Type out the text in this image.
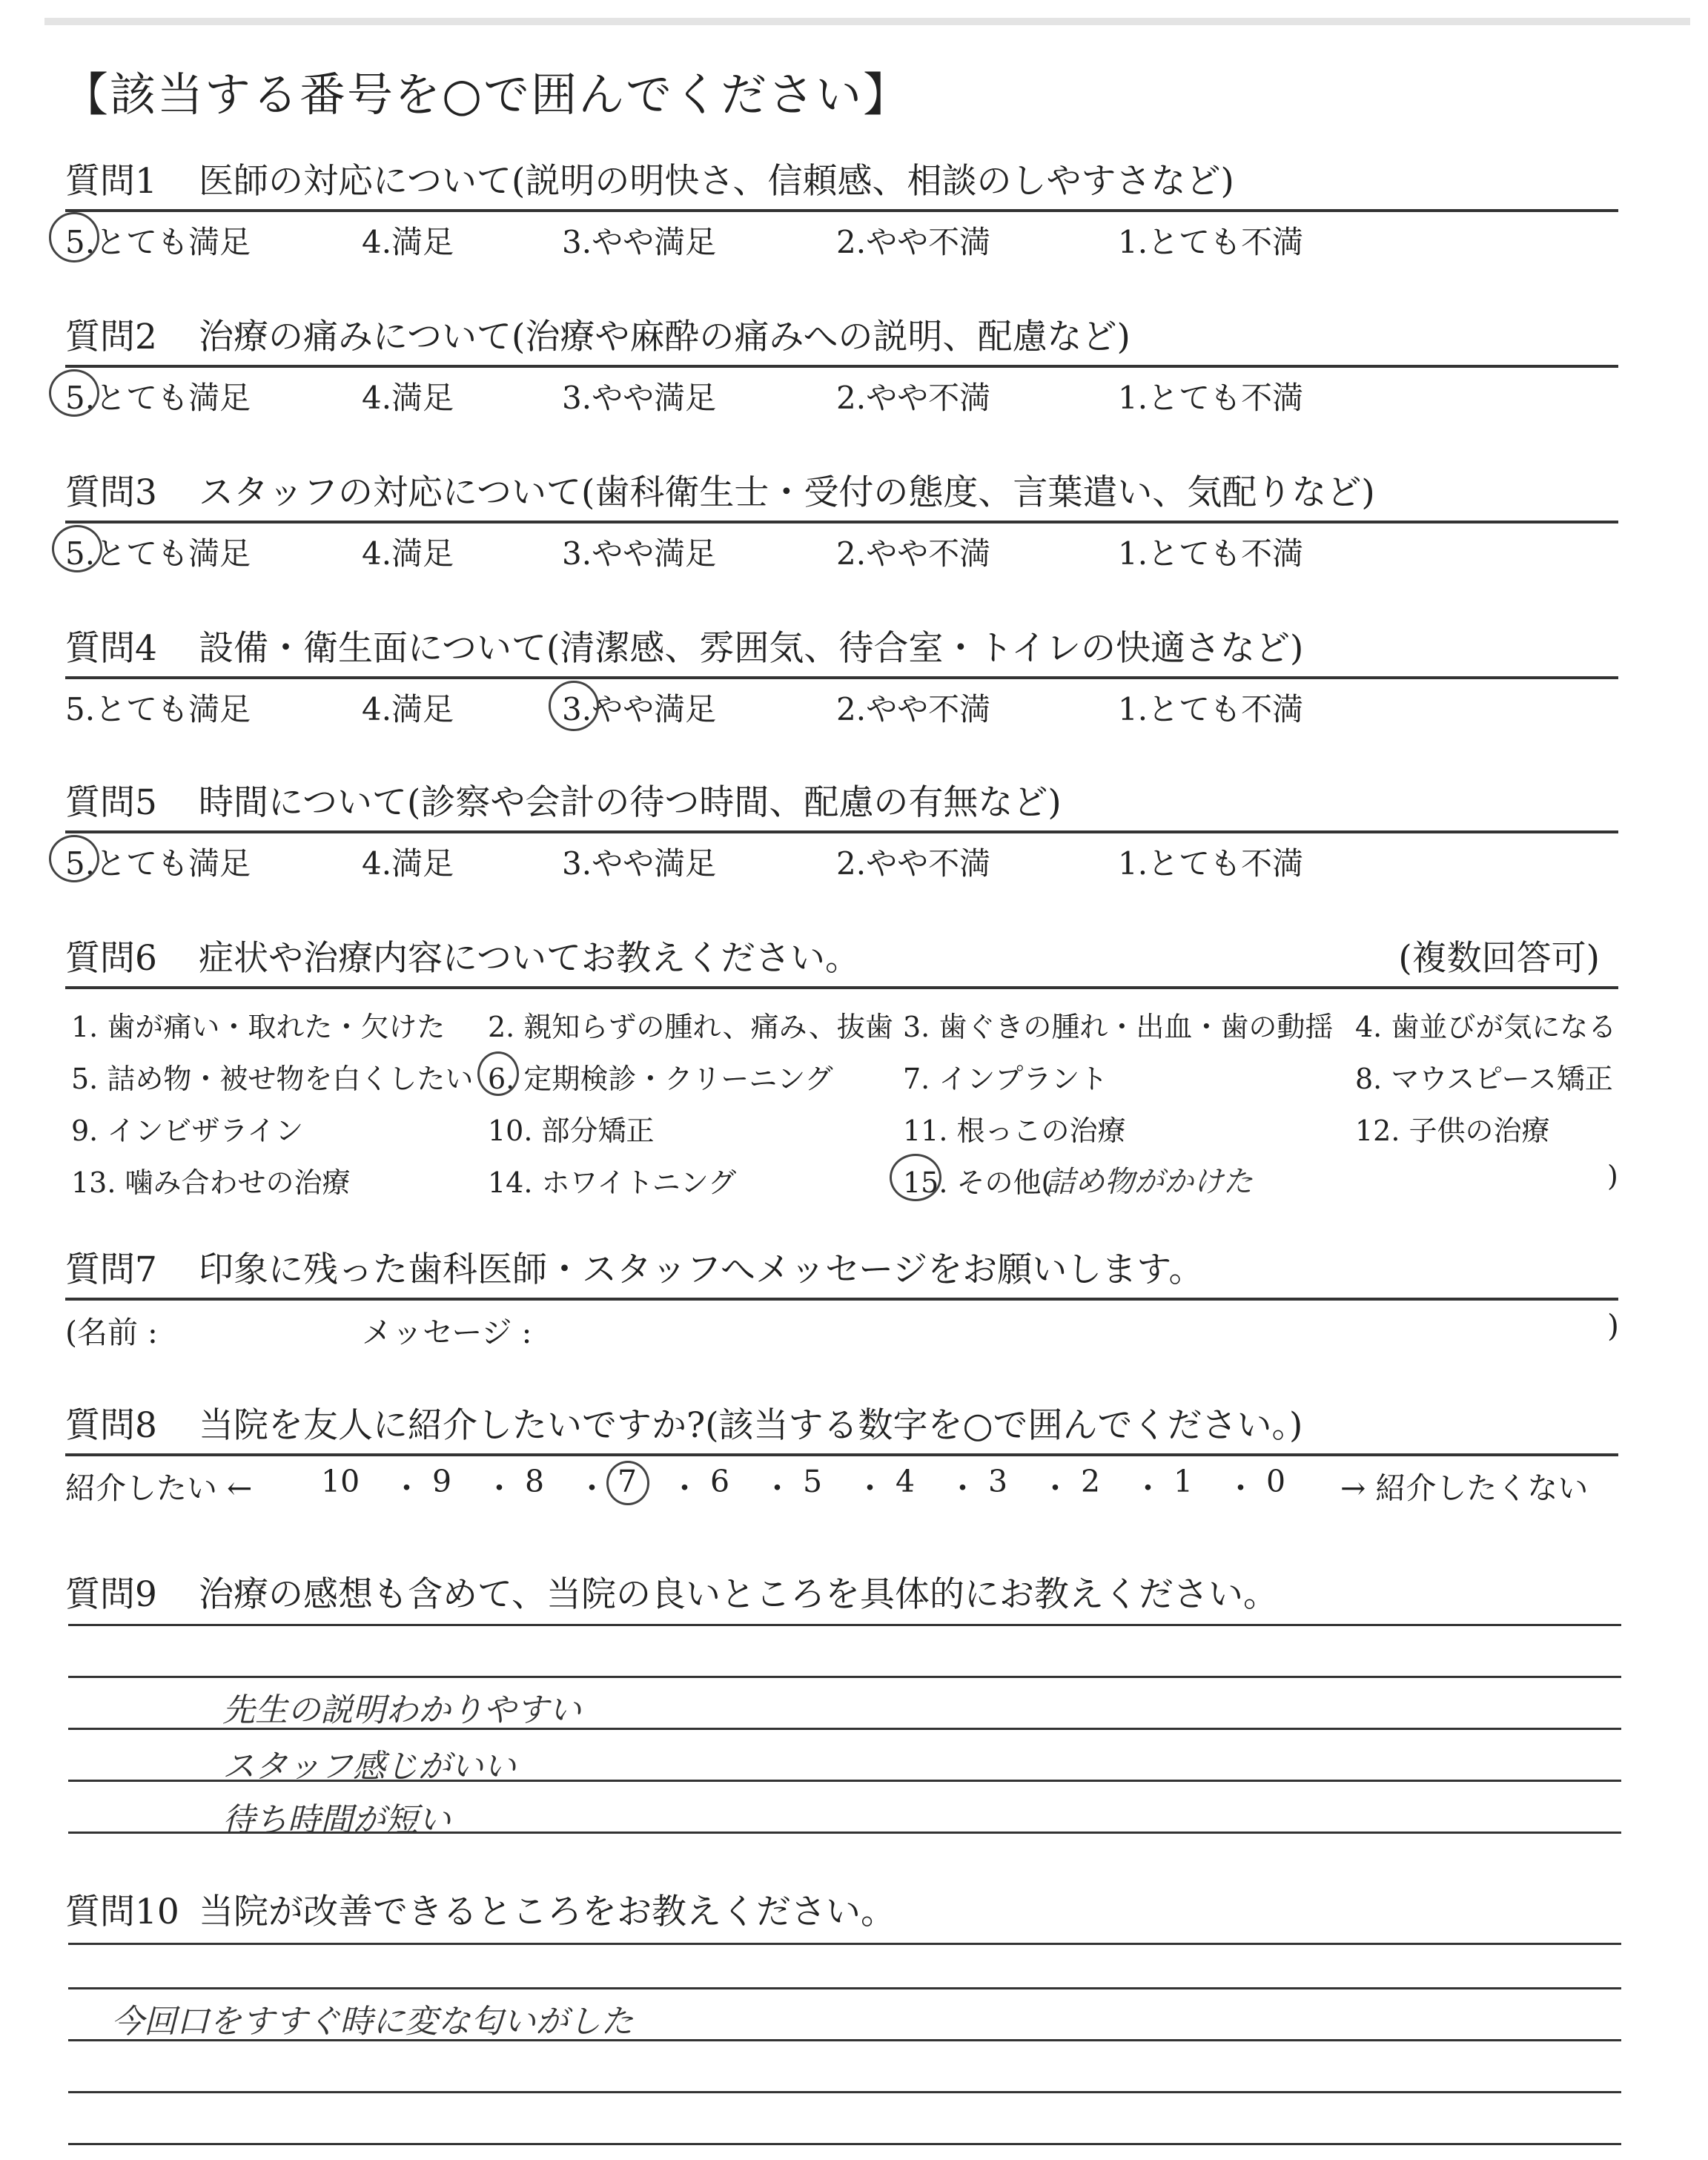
【該当する番号を○で囲んでください】
質問1 医師の対応について(説明の明快さ、信頼感、相談のしやすさなど)
5.とても満足	4.満足	3.やや満足	2.やや不満	1.とても不満
質問2 治療の痛みについて(治療や麻酔の痛みへの説明、配慮など)
5.とても満足	4.満足	3.やや満足	2.やや不満	1.とても不満
質問3 スタッフの対応について(歯科衛生士・受付の態度、言葉遣い、気配りなど)
5.とても満足	4.満足	3.やや満足	2.やや不満	1.とても不満
質問4 設備・衛生面について(清潔感、雰囲気、待合室・トイレの快適さなど)
5.とても満足	4.満足	3.やや満足	2.やや不満	1.とても不満
質問5 時間について(診察や会計の待つ時間、配慮の有無など)
5.とても満足	4.満足	3.やや満足	2.やや不満	1.とても不満
質問6 症状や治療内容についてお教えください。	(複数回答可)
1. 歯が痛い・取れた・欠けた 2. 親知らずの腫れ、痛み、抜歯 3. 歯ぐきの腫れ・出血・歯の動揺 4. 歯並びが気になる
5. 詰め物・被せ物を白くしたい 6. 定期検診・クリーニング 7. インプラント	8. マウスピース矯正
9. インビザライン	10. 部分矯正	11. 根っこの治療	12. 子供の治療
13. 噛み合わせの治療	14. ホワイトニング	15. その他(
詰め物がかけた	)
質問7 印象に残った歯科医師・スタッフへメッセージをお願いします。
(名前 :	メッセージ :	)
質問8 当院を友人に紹介したいですか?(該当する数字を○で囲んでください。)
紹介したい ← 10 ・ 9 ・ 8 ・ 7 ・ 6 ・ 5 ・ 4 ・ 3 ・ 2 ・ 1 ・ 0 → 紹介したくない
質問9 治療の感想も含めて、当院の良いところを具体的にお教えください。
先生の説明わかりやすい
スタッフ感じがいい
待ち時間が短い
質問10 当院が改善できるところをお教えください。
今回口をすすぐ時に変な匂いがした
